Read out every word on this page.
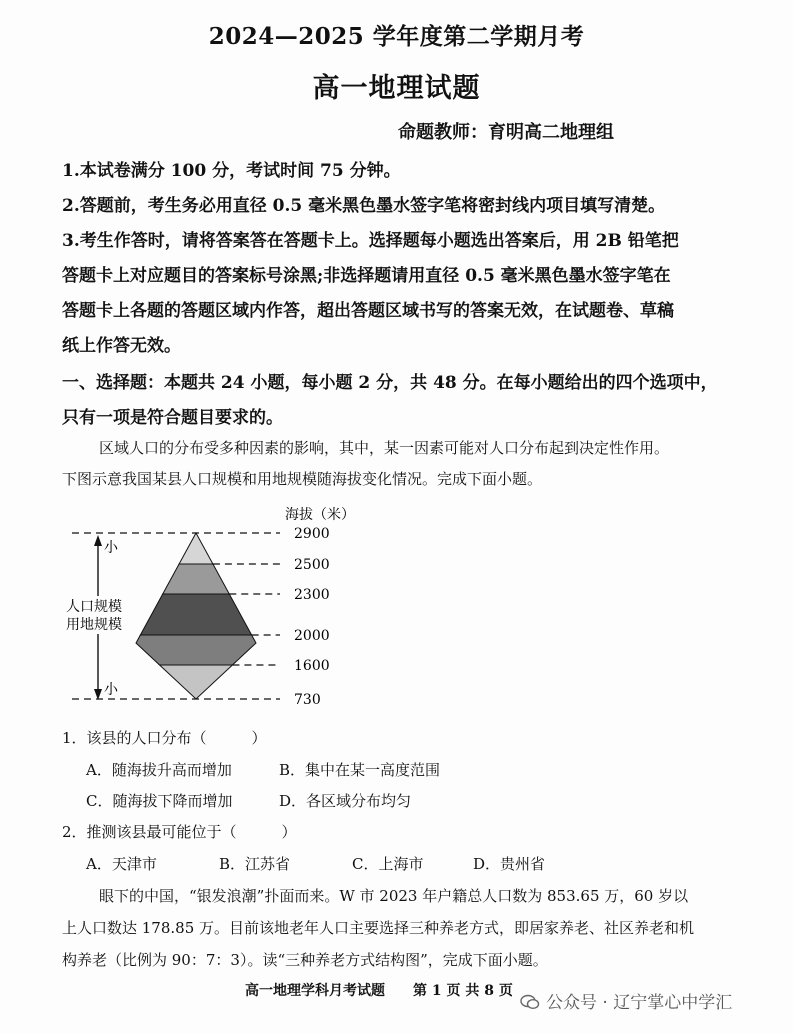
2024—2025 学年度第二学期月考
高一地理试题
命题教师：育明高二地理组
1.本试卷满分 100 分，考试时间 75 分钟。
2.答题前，考生务必用直径 0.5 毫米黑色墨水签字笔将密封线内项目填写清楚。
3.考生作答时，请将答案答在答题卡上。选择题每小题选出答案后，用 2B 铅笔把
答题卡上对应题目的答案标号涂黑;非选择题请用直径 0.5 毫米黑色墨水签字笔在
答题卡上各题的答题区域内作答，超出答题区域书写的答案无效，在试题卷、草稿
纸上作答无效。
一、选择题：本题共 24 小题，每小题 2 分，共 48 分。在每小题给出的四个选项中，
只有一项是符合题目要求的。
区域人口的分布受多种因素的影响，其中，某一因素可能对人口分布起到决定性作用。
下图示意我国某县人口规模和用地规模随海拔变化情况。完成下面小题。
海拔（米）
2900
2500
2300
2000
1600
730
小
小
人口规模
用地规模
1．该县的人口分布（　　　）
A．随海拔升高而增加	B．集中在某一高度范围
C．随海拔下降而增加	D．各区域分布均匀
2．推测该县最可能位于（　　　）
A．天津市	B．江苏省	C．上海市	D．贵州省
眼下的中国，“银发浪潮”扑面而来。W 市 2023 年户籍总人口数为 853.65 万，60 岁以
上人口数达 178.85 万。目前该地老年人口主要选择三种养老方式，即居家养老、社区养老和机
构养老（比例为 90：7：3）。读“三种养老方式结构图”，完成下面小题。
高一地理学科月考试题　　第 1 页 共 8 页
公众号 · 辽宁掌心中学汇
